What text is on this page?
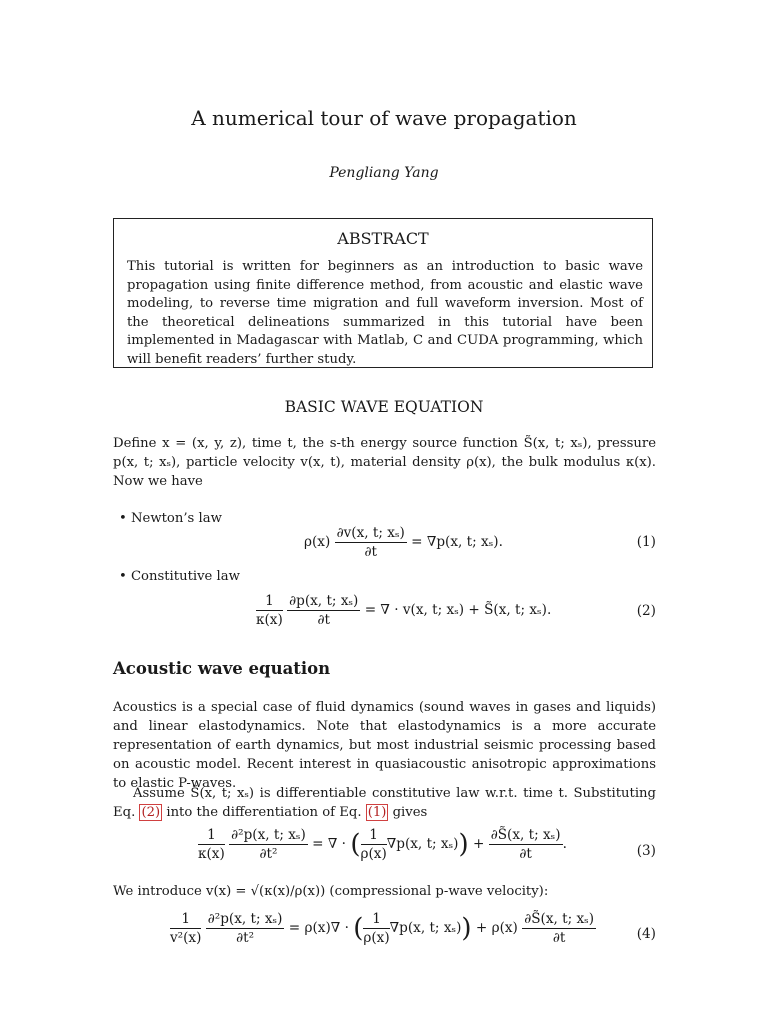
A numerical tour of wave propagation
Pengliang Yang
ABSTRACT
This tutorial is written for beginners as an introduction to basic wave propagation using finite difference method, from acoustic and elastic wave modeling, to reverse time migration and full waveform inversion. Most of the theoretical delineations summarized in this tutorial have been implemented in Madagascar with Matlab, C and CUDA programming, which will benefit readers’ further study.
BASIC WAVE EQUATION
Define x = (x, y, z), time t, the s-th energy source function S̃(x, t; xₛ), pressure p(x, t; xₛ), particle velocity v(x, t), material density ρ(x), the bulk modulus κ(x). Now we have
• Newton’s law
$\rho(x) \frac{\text{∂v(x, t; xₛ)}}{\partial t} = \nabla p(x$, t; xₛ).	(1)
• Constitutive law
$\frac{1}{\kappa(x)}$
$\frac{\text{∂p(x, t; xₛ)}}{\partial t}$ = ∇ · v(x, t; xₛ) + S̃(x, t; xₛ).	(2)
Acoustic wave equation
Acoustics is a special case of fluid dynamics (sound waves in gases and liquids) and linear elastodynamics. Note that elastodynamics is a more accurate representation of earth dynamics, but most industrial seismic processing based on acoustic model. Recent interest in quasiacoustic anisotropic approximations to elastic P-waves.
Assume S̃(x, t; xₛ) is differentiable constitutive law w.r.t. time t. Substituting Eq. (2) into the differentiation of Eq. (1) gives
$\frac{1}{\kappa(x)}$
$\frac{\text{∂²p(x, t; xₛ)}}{\text{∂t²}}$ = ∇ · ( $\frac{1}{\rho(x)} \nabla p(x$, t; $x_s)) + \frac{\text{∂S̃(x, t; xₛ)}}{\partial t}$ .	(3)
We introduce v(x) = √(κ(x)/ρ(x)) (compressional p-wave velocity):
$\frac{1}{\text{v²(x)}}$
$\frac{\text{∂²p(x, t; xₛ)}}{\text{∂t²}} = \rho(x)\nabla$ · ( $\frac{1}{\rho(x)} \nabla p(x$, t; $x_s)) + \rho(x) \frac{\text{∂S̃(x, t; xₛ)}}{\partial t}$	(4)
